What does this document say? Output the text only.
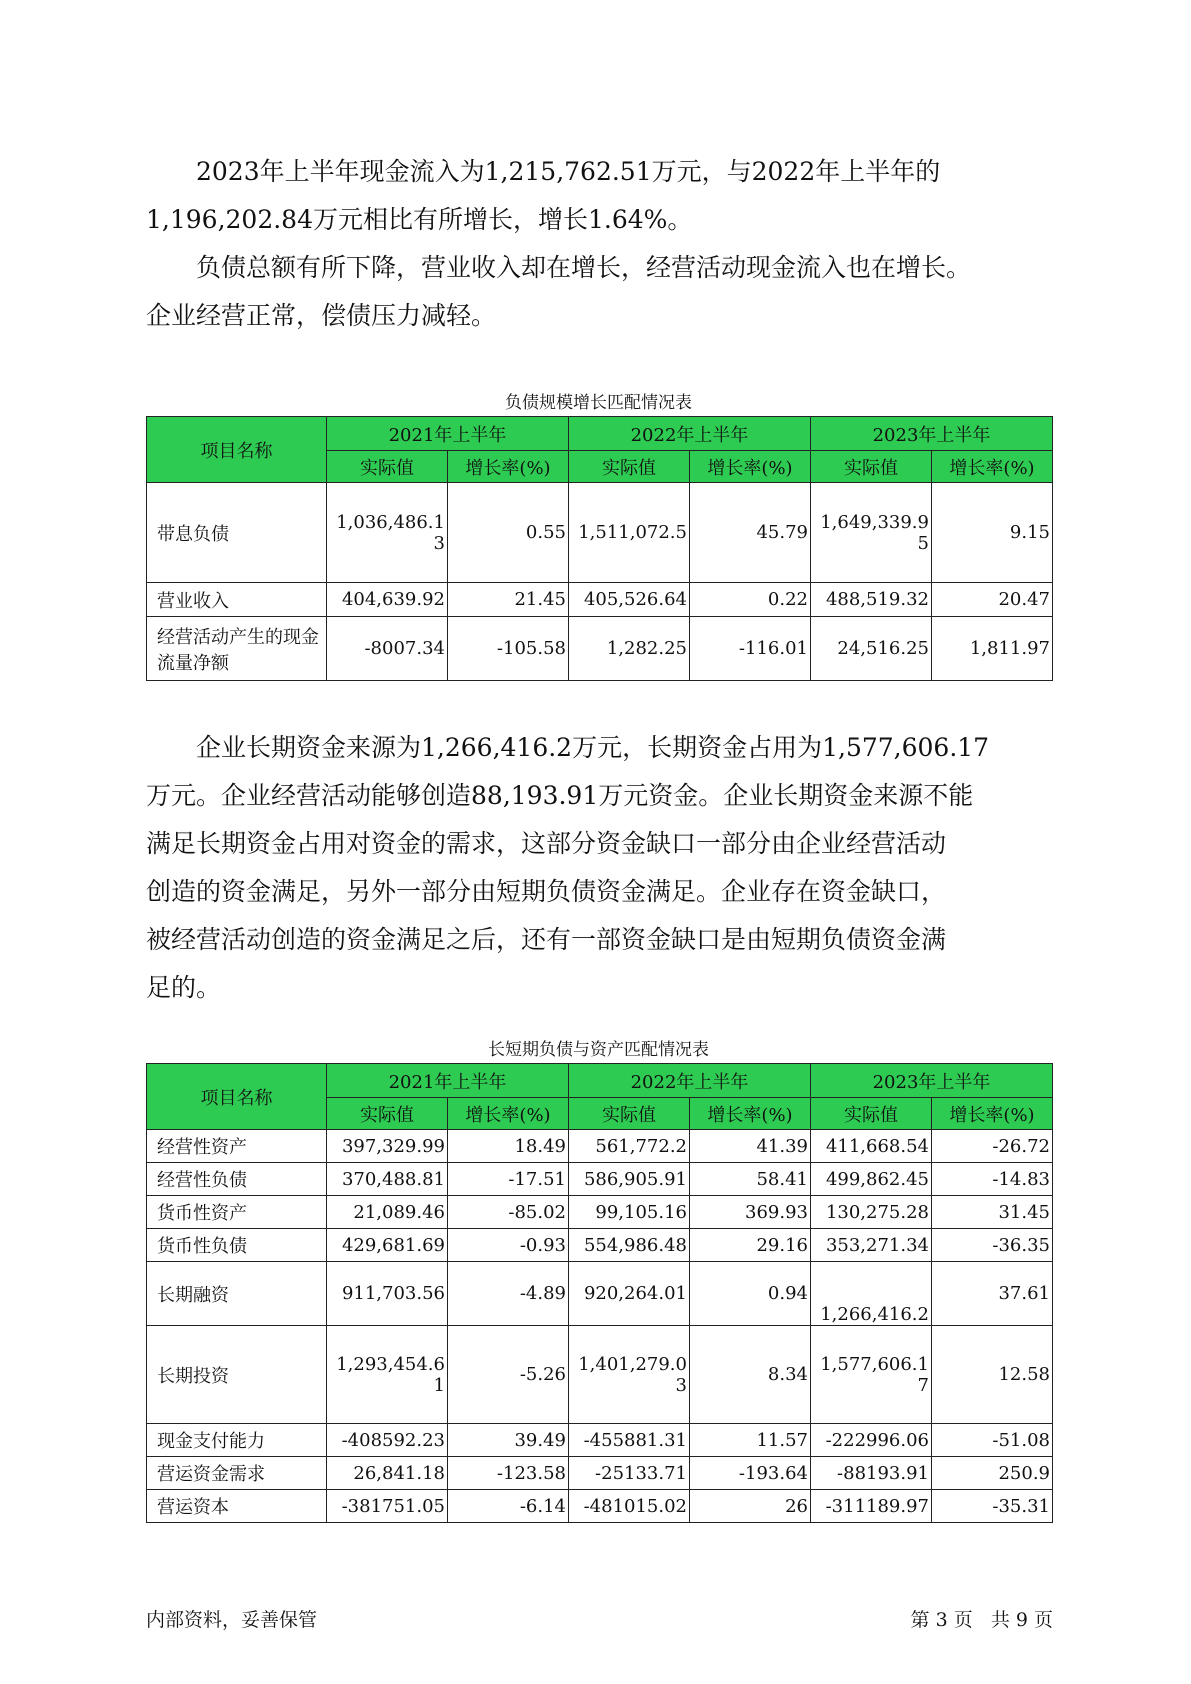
2023年上半年现金流入为1,215,762.51万元，与2022年上半年的
1,196,202.84万元相比有所增长，增长1.64%。
负债总额有所下降，营业收入却在增长，经营活动现金流入也在增长。
企业经营正常，偿债压力减轻。

负债规模增长匹配情况表

项目名称	2021年上半年		2022年上半年		2023年上半年	
	实际值	增长率(%)	实际值	增长率(%)	实际值	增长率(%)
带息负债	1,036,486.13	0.55	1,511,072.5	45.79	1,649,339.95	9.15
营业收入	404,639.92	21.45	405,526.64	0.22	488,519.32	20.47
经营活动产生的现金流量净额	-8007.34	-105.58	1,282.25	-116.01	24,516.25	1,811.97
企业长期资金来源为1,266,416.2万元，长期资金占用为1,577,606.17
万元。企业经营活动能够创造88,193.91万元资金。企业长期资金来源不能
满足长期资金占用对资金的需求，这部分资金缺口一部分由企业经营活动
创造的资金满足，另外一部分由短期负债资金满足。企业存在资金缺口，
被经营活动创造的资金满足之后，还有一部资金缺口是由短期负债资金满
足的。

长短期负债与资产匹配情况表

项目名称	2021年上半年		2022年上半年		2023年上半年	
	实际值	增长率(%)	实际值	增长率(%)	实际值	增长率(%)
经营性资产	397,329.99	18.49	561,772.2	41.39	411,668.54	-26.72
经营性负债	370,488.81	-17.51	586,905.91	58.41	499,862.45	-14.83
货币性资产	21,089.46	-85.02	99,105.16	369.93	130,275.28	31.45
货币性负债	429,681.69	-0.93	554,986.48	29.16	353,271.34	-36.35
长期融资	911,703.56	-4.89	920,264.01	0.94	1,266,416.2	37.61
长期投资	1,293,454.61	-5.26	1,401,279.03	8.34	1,577,606.17	12.58
现金支付能力	-408592.23	39.49	-455881.31	11.57	-222996.06	-51.08
营运资金需求	26,841.18	-123.58	-25133.71	-193.64	-88193.91	250.9
营运资本	-381751.05	-6.14	-481015.02	26	-311189.97	-35.31

内部资料，妥善保管	第 3 页   共 9 页
